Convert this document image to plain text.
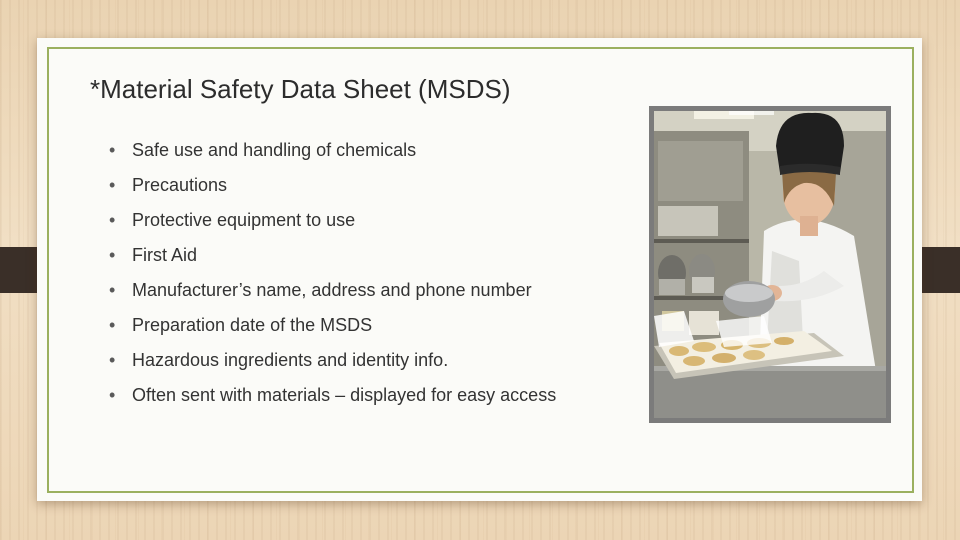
*Material Safety Data Sheet (MSDS)
• Safe use and handling of chemicals
• Precautions
• Protective equipment to use
• First Aid
• Manufacturer’s name, address and phone number
• Preparation date of the MSDS
• Hazardous ingredients and identity info.
• Often sent with materials – displayed for easy access
